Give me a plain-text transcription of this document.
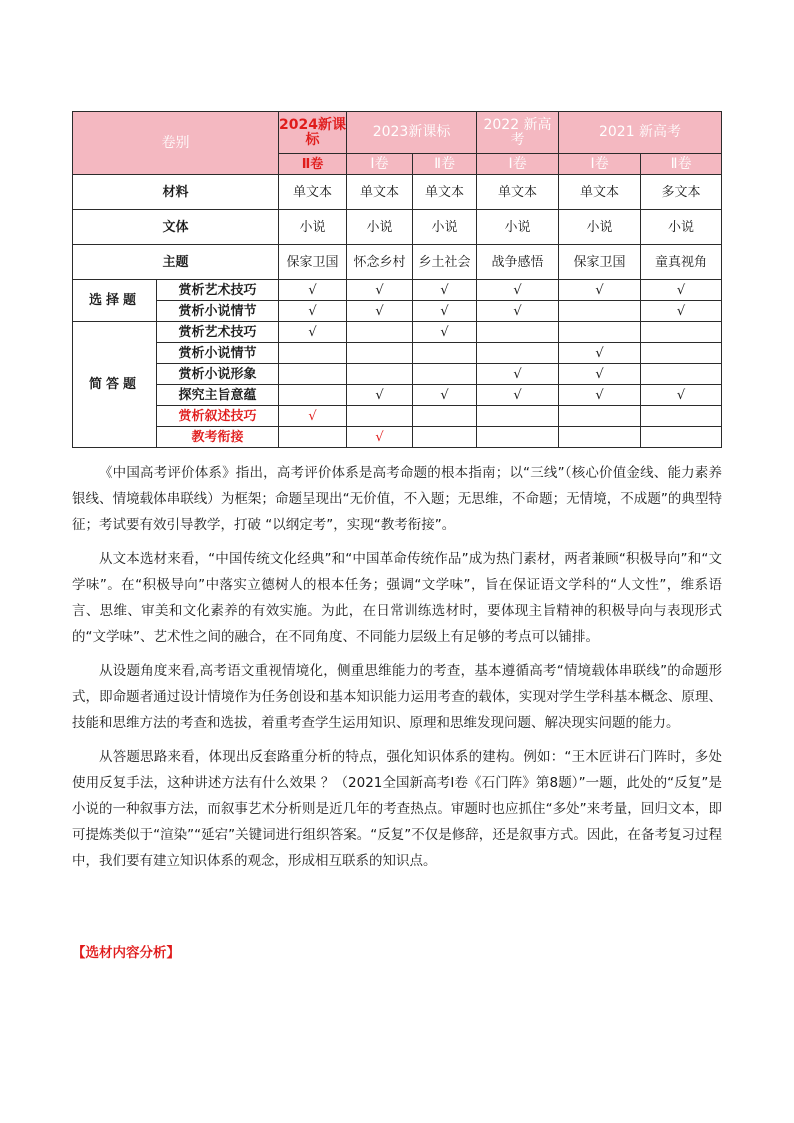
卷别		2024新课标	2023新课标		2022 新高考	2021 新高考	
		Ⅱ卷	Ⅰ卷	Ⅱ卷	Ⅰ卷	Ⅰ卷	Ⅱ卷
材料		单文本	单文本	单文本	单文本	单文本	多文本
文体		小说	小说	小说	小说	小说	小说
主题		保家卫国	怀念乡村	乡土社会	战争感悟	保家卫国	童真视角
选择题	赏析艺术技巧	√	√	√	√	√	√
	赏析小说情节	√	√	√	√		√
简答题	赏析艺术技巧	√		√			
	赏析小说情节					√	
	赏析小说形象				√	√	
	探究主旨意蕴		√	√	√	√	√
	赏析叙述技巧	√					
	教考衔接		√				

《中国高考评价体系》指出，高考评价体系是高考命题的根本指南；以“三线”（核心价值金线、能力素养银线、情境载体串联线）为框架；命题呈现出“无价值，不入题；无思维，不命题；无情境，不成题”的典型特征；考试要有效引导教学，打破 “以纲定考”，实现“教考衔接”。

从文本选材来看，“中国传统文化经典”和“中国革命传统作品”成为热门素材，两者兼顾“积极导向”和“文学味”。在“积极导向”中落实立德树人的根本任务；强调“文学味”，旨在保证语文学科的“人文性”，维系语言、思维、审美和文化素养的有效实施。为此，在日常训练选材时，要体现主旨精神的积极导向与表现形式的“文学味”、艺术性之间的融合，在不同角度、不同能力层级上有足够的考点可以铺排。

从设题角度来看,高考语文重视情境化，侧重思维能力的考查，基本遵循高考“情境载体串联线”的命题形式，即命题者通过设计情境作为任务创设和基本知识能力运用考查的载体，实现对学生学科基本概念、原理、技能和思维方法的考查和选拔，着重考查学生运用知识、原理和思维发现问题、解决现实问题的能力。

从答题思路来看，体现出反套路重分析的特点，强化知识体系的建构。例如：“王木匠讲石门阵时，多处使用反复手法，这种讲述方法有什么效果 ？（2021全国新高考Ⅰ卷《石门阵》第8题）”一题，此处的“反复”是小说的一种叙事方法，而叙事艺术分析则是近几年的考查热点。审题时也应抓住“多处”来考量，回归文本，即可提炼类似于“渲染”“延宕”关键词进行组织答案。“反复”不仅是修辞，还是叙事方式。因此，在备考复习过程中，我们要有建立知识体系的观念，形成相互联系的知识点。

【选材内容分析】
